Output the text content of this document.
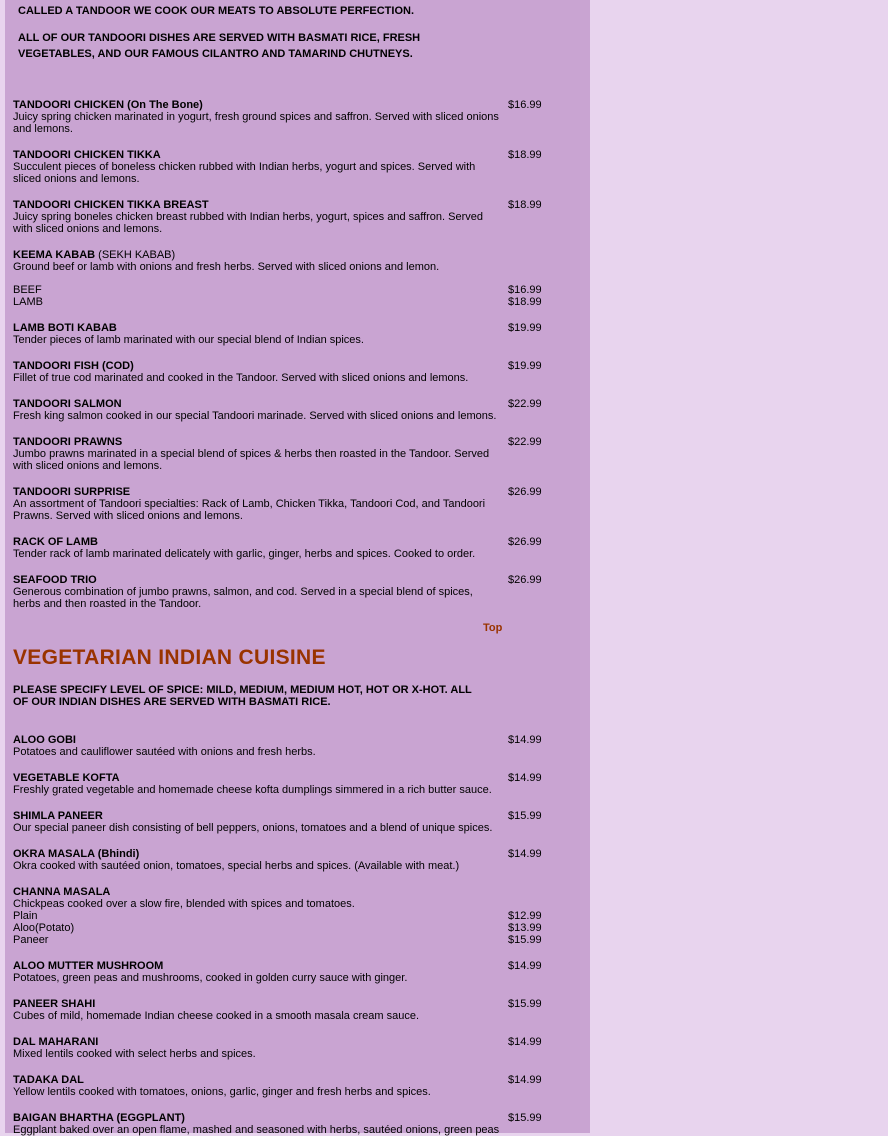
CALLED A TANDOOR WE COOK OUR MEATS TO ABSOLUTE PERFECTION.
ALL OF OUR TANDOORI DISHES ARE SERVED WITH BASMATI RICE, FRESH
VEGETABLES, AND OUR FAMOUS CILANTRO AND TAMARIND CHUTNEYS.
TANDOORI CHICKEN (On The Bone)
Juicy spring chicken marinated in yogurt, fresh ground spices and saffron. Served with sliced onions and lemons.
$16.99
TANDOORI CHICKEN TIKKA
Succulent pieces of boneless chicken rubbed with Indian herbs, yogurt and spices. Served with sliced onions and lemons.
$18.99
TANDOORI CHICKEN TIKKA BREAST
Juicy spring boneles chicken breast rubbed with Indian herbs, yogurt, spices and saffron. Served with sliced onions and lemons.
$18.99
KEEMA KABAB (SEKH KABAB)
Ground beef or lamb with onions and fresh herbs. Served with sliced onions and lemon.
BEEF	$16.99
LAMB	$18.99
LAMB BOTI KABAB
Tender pieces of lamb marinated with our special blend of Indian spices.
$19.99
TANDOORI FISH (COD)
Fillet of true cod marinated and cooked in the Tandoor. Served with sliced onions and lemons.
$19.99
TANDOORI SALMON
Fresh king salmon cooked in our special Tandoori marinade. Served with sliced onions and lemons.
$22.99
TANDOORI PRAWNS
Jumbo prawns marinated in a special blend of spices & herbs then roasted in the Tandoor. Served with sliced onions and lemons.
$22.99
TANDOORI SURPRISE
An assortment of Tandoori specialties: Rack of Lamb, Chicken Tikka, Tandoori Cod, and Tandoori Prawns. Served with sliced onions and lemons.
$26.99
RACK OF LAMB
Tender rack of lamb marinated delicately with garlic, ginger, herbs and spices. Cooked to order.
$26.99
SEAFOOD TRIO
Generous combination of jumbo prawns, salmon, and cod. Served in a special blend of spices, herbs and then roasted in the Tandoor.
$26.99
Top
VEGETARIAN INDIAN CUISINE
PLEASE SPECIFY LEVEL OF SPICE: MILD, MEDIUM, MEDIUM HOT, HOT OR X-HOT. ALL
OF OUR INDIAN DISHES ARE SERVED WITH BASMATI RICE.
ALOO GOBI
Potatoes and cauliflower sautéed with onions and fresh herbs.
$14.99
VEGETABLE KOFTA
Freshly grated vegetable and homemade cheese kofta dumplings simmered in a rich butter sauce.
$14.99
SHIMLA PANEER
Our special paneer dish consisting of bell peppers, onions, tomatoes and a blend of unique spices.
$15.99
OKRA MASALA (Bhindi)
Okra cooked with sautéed onion, tomatoes, special herbs and spices. (Available with meat.)
$14.99
CHANNA MASALA
Chickpeas cooked over a slow fire, blended with spices and tomatoes.
Plain	$12.99
Aloo(Potato)	$13.99
Paneer	$15.99
ALOO MUTTER MUSHROOM
Potatoes, green peas and mushrooms, cooked in golden curry sauce with ginger.
$14.99
PANEER SHAHI
Cubes of mild, homemade Indian cheese cooked in a smooth masala cream sauce.
$15.99
DAL MAHARANI
Mixed lentils cooked with select herbs and spices.
$14.99
TADAKA DAL
Yellow lentils cooked with tomatoes, onions, garlic, ginger and fresh herbs and spices.
$14.99
BAIGAN BHARTHA (EGGPLANT)
Eggplant baked over an open flame, mashed and seasoned with herbs, sautéed onions, green peas
$15.99
